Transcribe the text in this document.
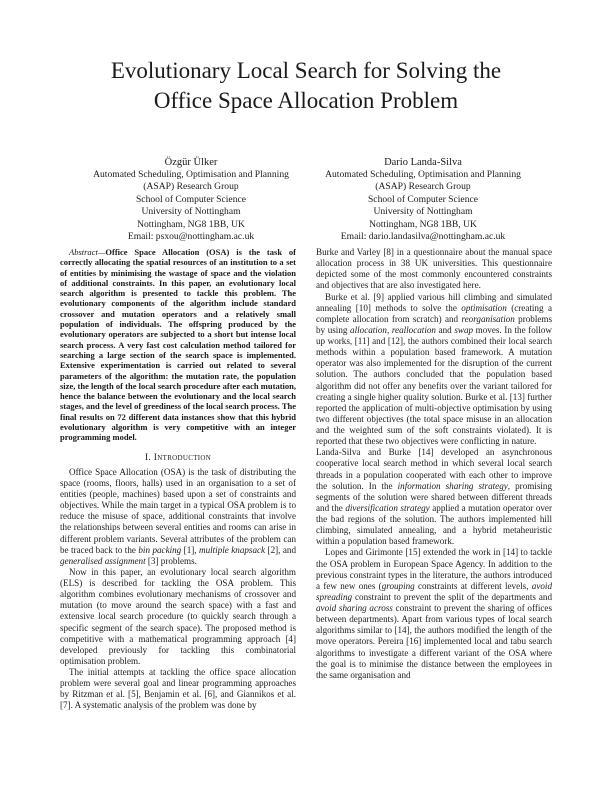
Evolutionary Local Search for Solving the
Office Space Allocation Problem
Özgür Ülker
Automated Scheduling, Optimisation and Planning
(ASAP) Research Group
School of Computer Science
University of Nottingham
Nottingham, NG8 1BB, UK
Email: psxou@nottingham.ac.uk
Dario Landa-Silva
Automated Scheduling, Optimisation and Planning
(ASAP) Research Group
School of Computer Science
University of Nottingham
Nottingham, NG8 1BB, UK
Email: dario.landasilva@nottingham.ac.uk

Abstract—Office Space Allocation (OSA) is the task of correctly allocating the spatial resources of an institution to a set of entities by minimising the wastage of space and the violation of additional constraints. In this paper, an evolutionary local search algorithm is presented to tackle this problem. The evolutionary components of the algorithm include standard crossover and mutation operators and a relatively small population of individuals. The offspring produced by the evolutionary operators are subjected to a short but intense local search process. A very fast cost calculation method tailored for searching a large section of the search space is implemented. Extensive experimentation is carried out related to several parameters of the algorithm: the mutation rate, the population size, the length of the local search procedure after each mutation, hence the balance between the evolutionary and the local search stages, and the level of greediness of the local search process. The final results on 72 different data instances show that this hybrid evolutionary algorithm is very competitive with an integer programming model.

I. Introduction

Office Space Allocation (OSA) is the task of distributing the space (rooms, floors, halls) used in an organisation to a set of entities (people, machines) based upon a set of constraints and objectives. While the main target in a typical OSA problem is to reduce the misuse of space, additional constraints that involve the relationships between several entities and rooms can arise in different problem variants. Several attributes of the problem can be traced back to the bin packing [1], multiple knapsack [2], and generalised assignment [3] problems.

Now in this paper, an evolutionary local search algorithm (ELS) is described for tackling the OSA problem. This algorithm combines evolutionary mechanisms of crossover and mutation (to move around the search space) with a fast and extensive local search procedure (to quickly search through a specific segment of the search space). The proposed method is competitive with a mathematical programming approach [4] developed previously for tackling this combinatorial optimisation problem.

The initial attempts at tackling the office space allocation problem were several goal and linear programming approaches by Ritzman et al. [5], Benjamin et al. [6], and Giannikos et al. [7]. A systematic analysis of the problem was done by

Burke and Varley [8] in a questionnaire about the manual space allocation process in 38 UK universities. This questionnaire depicted some of the most commonly encountered constraints and objectives that are also investigated here.

Burke et al. [9] applied various hill climbing and simulated annealing [10] methods to solve the optimisation (creating a complete allocation from scratch) and reorganisation problems by using allocation, reallocation and swap moves. In the follow up works, [11] and [12], the authors combined their local search methods within a population based framework. A mutation operator was also implemented for the disruption of the current solution. The authors concluded that the population based algorithm did not offer any benefits over the variant tailored for creating a single higher quality solution. Burke et al. [13] further reported the application of multi-objective optimisation by using two different objectives (the total space misuse in an allocation and the weighted sum of the soft constraints violated). It is reported that these two objectives were conflicting in nature.

Landa-Silva and Burke [14] developed an asynchronous cooperative local search method in which several local search threads in a population cooperated with each other to improve the solution. In the information sharing strategy, promising segments of the solution were shared between different threads and the diversification strategy applied a mutation operator over the bad regions of the solution. The authors implemented hill climbing, simulated annealing, and a hybrid metaheuristic within a population based framework.

Lopes and Girimonte [15] extended the work in [14] to tackle the OSA problem in European Space Agency. In addition to the previous constraint types in the literature, the authors introduced a few new ones (grouping constraints at different levels, avoid spreading constraint to prevent the split of the departments and avoid sharing across constraint to prevent the sharing of offices between departments). Apart from various types of local search algorithms similar to [14], the authors modified the length of the move operators. Pereira [16] implemented local and tabu search algorithms to investigate a different variant of the OSA where the goal is to minimise the distance between the employees in the same organisation and
